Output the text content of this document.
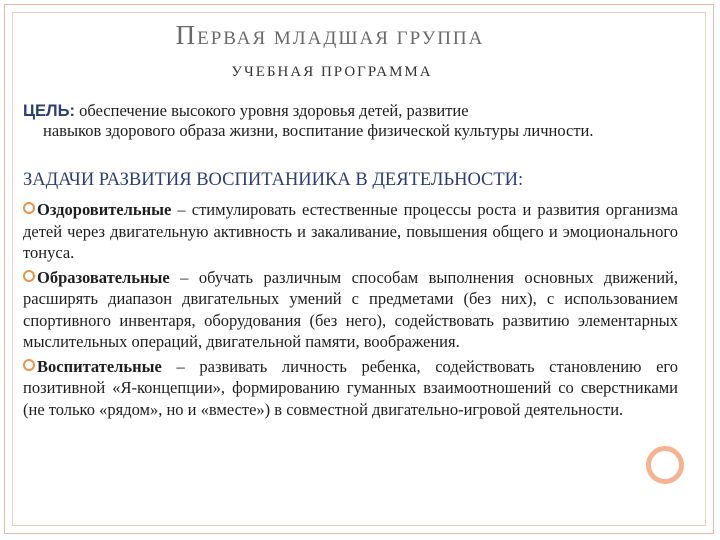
ПЕРВАЯ МЛАДШАЯ ГРУППА
УЧЕБНАЯ ПРОГРАММА
ЦЕЛЬ: обеспечение высокого уровня здоровья детей, развитие
навыков здорового образа жизни, воспитание физической культуры личности.
ЗАДАЧИ РАЗВИТИЯ ВОСПИТАНИИКА В ДЕЯТЕЛЬНОСТИ:
Оздоровительные – стимулировать естественные процессы роста и развития организма детей через двигательную активность и закаливание, повышения общего и эмоционального тонуса.
Образовательные – обучать различным способам выполнения основных движений, расширять диапазон двигательных умений с предметами (без них), с использованием спортивного инвентаря, оборудования (без него), содействовать развитию элементарных мыслительных операций, двигательной памяти, воображения.
Воспитательные – развивать личность ребенка, содействовать становлению его позитивной «Я-концепции», формированию гуманных взаимоотношений со сверстниками (не только «рядом», но и «вместе») в совместной двигательно-игровой деятельности.
